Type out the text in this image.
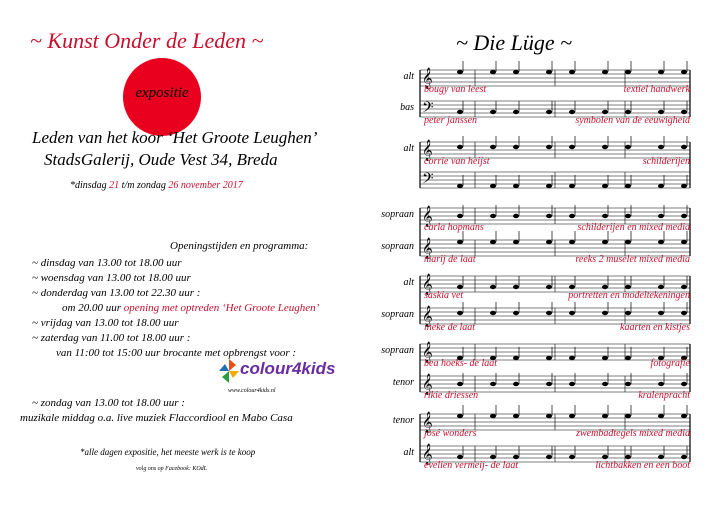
~ Kunst Onder de Leden ~
expositie
Leden van het koor ‘Het Groote Leughen’
StadsGalerij, Oude Vest 34, Breda
*dinsdag 21 t/m zondag 26 november 2017
Openingstijden en programma:
~ dinsdag van 13.00 tot 18.00 uur
~ woensdag van 13.00 tot 18.00 uur
~ donderdag van 13.00 tot 22.30 uur :
om 20.00 uur opening met optreden ‘Het Groote Leughen’
~ vrijdag van 13.00 tot 18.00 uur
~ zaterdag van 11.00 tot 18.00 uur :
van 11:00 tot 15:00 uur brocante met opbrengst voor :
colour4kids
www.colour4kids.nl
~ zondag van 13.00 tot 18.00 uur :
muzikale middag o.a. live muziek Flaccordiool en Mabo Casa
*alle dagen expositie, het meeste werk is te koop
volg ons op Facebook: KOdL
~ Die Lüge ~
𝄞
𝄢
𝄞
𝄢
𝄞
𝄞
𝄞
𝄞
𝄞
𝄞
𝄞
𝄞
alt
bougy van leest	textiel handwerk
bas
peter janssen	symbolen van de eeuwigheid
alt
corrie van heijst	schilderijen
sopraan
carla hopmans	schilderijen en mixed media
sopraan
marij de laat	reeks 2 muselet mixed media
alt
saskia vet	portretten en modeltekeningen
sopraan
ineke de laat	kaarten en kistjes
sopraan
bea hoeks- de laat	fotografie
tenor
rikie driessen	kralenpracht
tenor
josé wonders	zwembadtegels mixed media
alt
evelien vermeij- de laat	lichtbakken en een boot
